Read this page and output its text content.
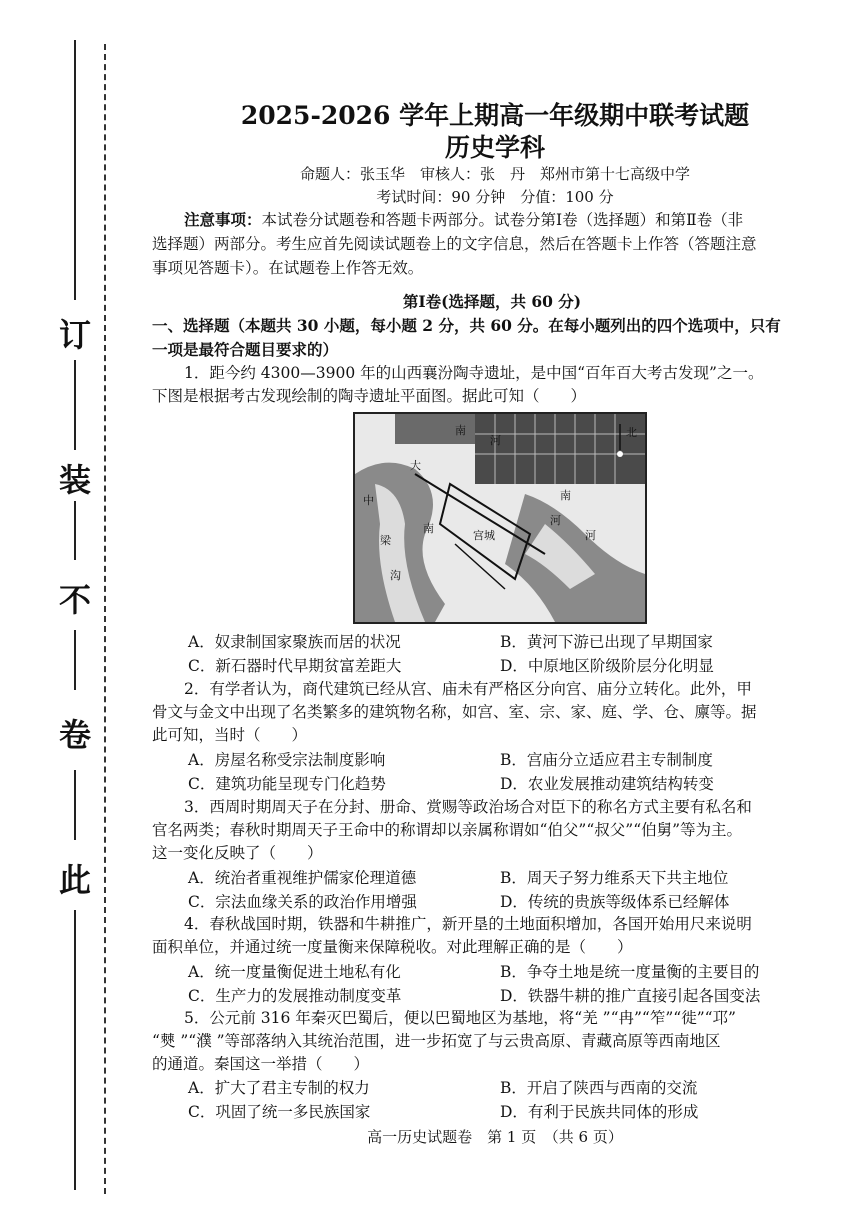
订
装
不
卷
此
2025-2026 学年上期高一年级期中联考试题
历史学科
命题人：张玉华　审核人：张　丹　郑州市第十七高级中学
考试时间：90 分钟　分值：100 分
注意事项：本试卷分试题卷和答题卡两部分。试卷分第Ⅰ卷（选择题）和第Ⅱ卷（非
选择题）两部分。考生应首先阅读试题卷上的文字信息，然后在答题卡上作答（答题注意
事项见答题卡）。在试题卷上作答无效。
第Ⅰ卷(选择题，共 60 分)
一、选择题（本题共 30 小题，每小题 2 分，共 60 分。在每小题列出的四个选项中，只有
一项是最符合题目要求的）
1．距今约 4300—3900 年的山西襄汾陶寺遗址，是中国“百年百大考古发现”之一。
下图是根据考古发现绘制的陶寺遗址平面图。据此可知（　　）
南
河
大
中
梁
沟
南
河
宫城
南
河
北
A．奴隶制国家聚族而居的状况	B．黄河下游已出现了早期国家
C．新石器时代早期贫富差距大	D．中原地区阶级阶层分化明显
2．有学者认为，商代建筑已经从宫、庙未有严格区分向宫、庙分立转化。此外，甲
骨文与金文中出现了名类繁多的建筑物名称，如宫、室、宗、家、庭、学、仓、廪等。据
此可知，当时（　　）
A．房屋名称受宗法制度影响	B．宫庙分立适应君主专制制度
C．建筑功能呈现专门化趋势	D．农业发展推动建筑结构转变
3．西周时期周天子在分封、册命、赏赐等政治场合对臣下的称名方式主要有私名和
官名两类；春秋时期周天子王命中的称谓却以亲属称谓如“伯父”“叔父”“伯舅”等为主。
这一变化反映了（　　）
A．统治者重视维护儒家伦理道德	B．周天子努力维系天下共主地位
C．宗法血缘关系的政治作用增强	D．传统的贵族等级体系已经解体
4．春秋战国时期，铁器和牛耕推广，新开垦的土地面积增加，各国开始用尺来说明
面积单位，并通过统一度量衡来保障税收。对此理解正确的是（　　）
A．统一度量衡促进土地私有化	B．争夺土地是统一度量衡的主要目的
C．生产力的发展推动制度变革	D．铁器牛耕的推广直接引起各国变法
5．公元前 316 年秦灭巴蜀后，便以巴蜀地区为基地，将“羌 ”“冉”“笮”“徙”“邛”
“僰 ”“濮 ”等部落纳入其统治范围，进一步拓宽了与云贵高原、青藏高原等西南地区
的通道。秦国这一举措（　　）
A．扩大了君主专制的权力	B．开启了陕西与西南的交流
C．巩固了统一多民族国家	D．有利于民族共同体的形成
高一历史试题卷　第 1 页　（共 6 页）
